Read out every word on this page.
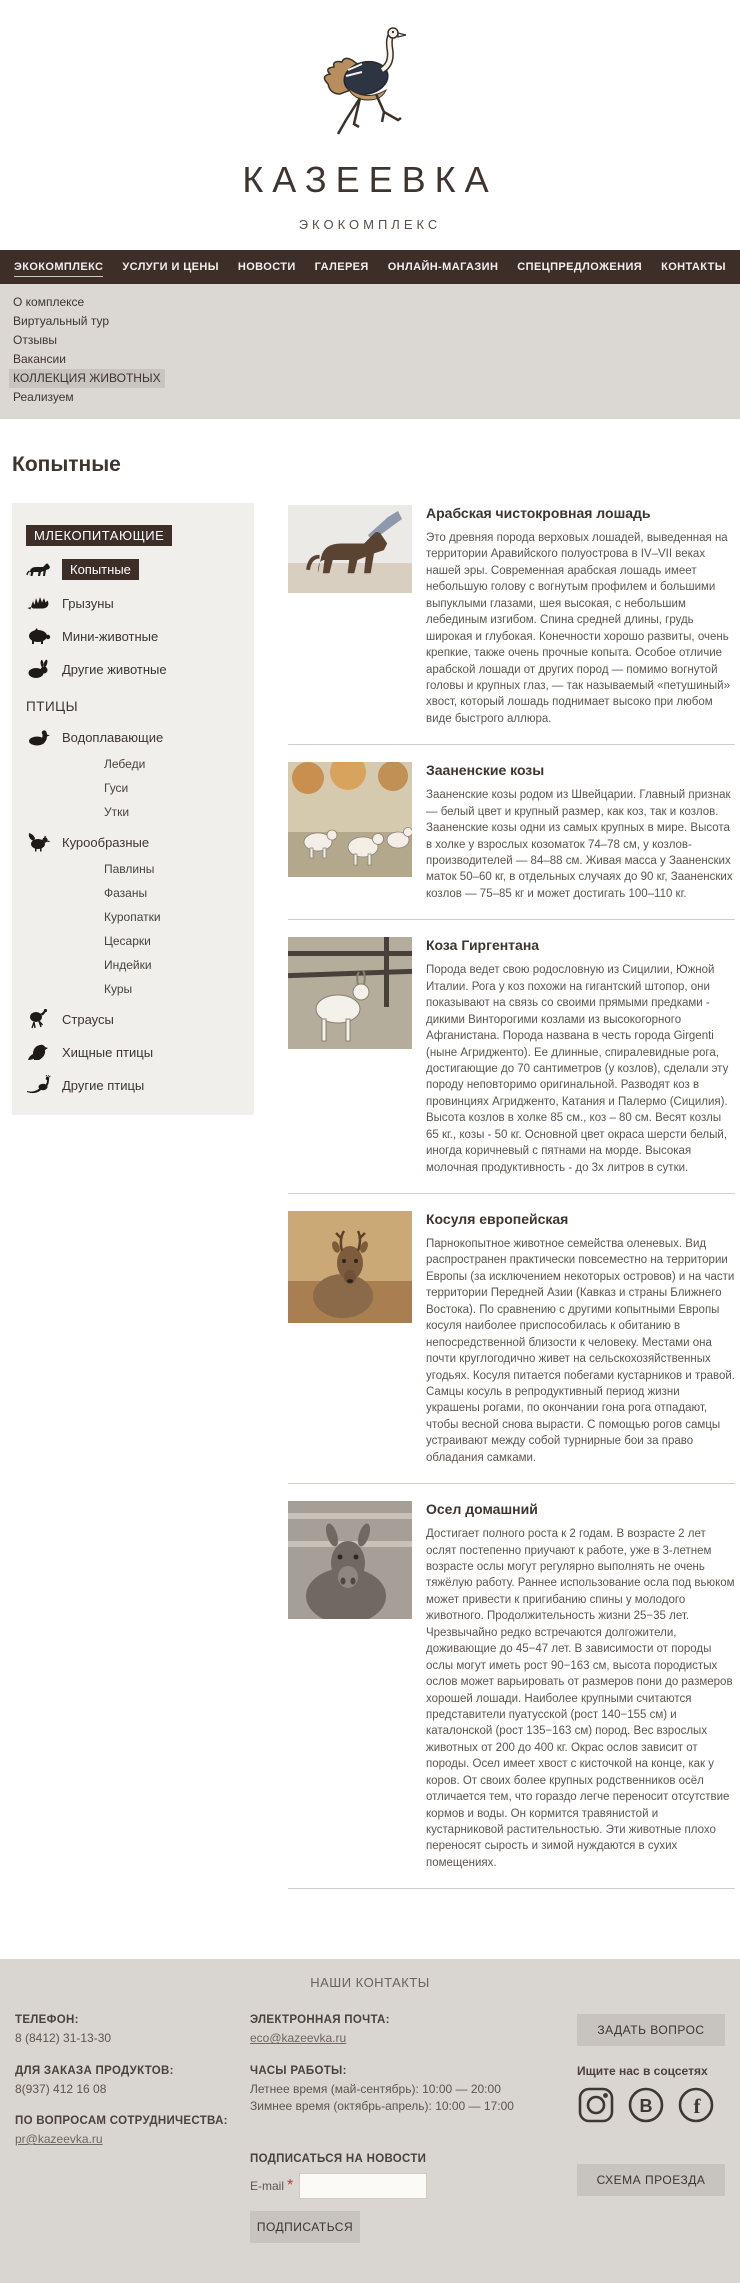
КАЗЕЕВКА
ЭКОКОМПЛЕКС
ЭКОКОМПЛЕКС УСЛУГИ И ЦЕНЫ НОВОСТИ ГАЛЕРЕЯ ОНЛАЙН-МАГАЗИН СПЕЦПРЕДЛОЖЕНИЯ КОНТАКТЫ
О комплексе
Виртуальный тур
Отзывы
Вакансии
КОЛЛЕКЦИЯ ЖИВОТНЫХ
Реализуем
Копытные
МЛЕКОПИТАЮЩИЕ
Копытные
Грызуны
Мини-животные
Другие животные
ПТИЦЫ
Водоплавающие
Лебеди
Гуси
Утки
Курообразные
Павлины
Фазаны
Куропатки
Цесарки
Индейки
Куры
Страусы
Хищные птицы
Другие птицы
Арабская чистокровная лошадь
Это древняя порода верховых лошадей, выведенная на территории Аравийского полуострова в IV–VII веках нашей эры. Современная арабская лошадь имеет небольшую голову с вогнутым профилем и большими выпуклыми глазами, шея высокая, с небольшим лебединым изгибом. Спина средней длины, грудь широкая и глубокая. Конечности хорошо развиты, очень крепкие, также очень прочные копыта. Особое отличие арабской лошади от других пород — помимо вогнутой головы и крупных глаз, — так называемый «петушиный» хвост, который лошадь поднимает высоко при любом виде быстрого аллюра.
Зааненские козы
Зааненские козы родом из Швейцарии. Главный признак — белый цвет и крупный размер, как коз, так и козлов. Зааненские козы одни из самых крупных в мире. Высота в холке у взрослых козоматок 74–78 см, у козлов-производителей — 84–88 см. Живая масса у Зааненских маток 50–60 кг, в отдельных случаях до 90 кг, Зааненских козлов — 75–85 кг и может достигать 100–110 кг.
Коза Гиргентана
Порода ведет свою родословную из Сицилии, Южной Италии. Рога у коз похожи на гигантский штопор, они показывают на связь со своими прямыми предками - дикими Винторогими козлами из высокогорного Афганистана. Порода названа в честь города Girgenti (ныне Агридженто). Ее длинные, спиралевидные рога, достигающие до 70 сантиметров (у козлов), сделали эту породу неповторимо оригинальной. Разводят коз в провинциях Агридженто, Катания и Палермо (Сицилия). Высота козлов в холке 85 см., коз – 80 см. Весят козлы 65 кг., козы - 50 кг. Основной цвет окраса шерсти белый, иногда коричневый с пятнами на морде. Высокая молочная продуктивность - до 3х литров в сутки.
Косуля европейская
Парнокопытное животное семейства оленевых. Вид распространен практически повсеместно на территории Европы (за исключением некоторых островов) и на части территории Передней Азии (Кавказ и страны Ближнего Востока). По сравнению с другими копытными Европы косуля наиболее приспособилась к обитанию в непосредственной близости к человеку. Местами она почти круглогодично живет на сельскохозяйственных угодьях. Косуля питается побегами кустарников и травой. Самцы косуль в репродуктивный период жизни украшены рогами, по окончании гона рога отпадают, чтобы весной снова вырасти. С помощью рогов самцы устраивают между собой турнирные бои за право обладания самками.
Осел домашний
Достигает полного роста к 2 годам. В возрасте 2 лет ослят постепенно приучают к работе, уже в 3-летнем возрасте ослы могут регулярно выполнять не очень тяжёлую работу. Раннее использование осла под вьюком может привести к пригибанию спины у молодого животного. Продолжительность жизни 25−35 лет. Чрезвычайно редко встречаются долгожители, доживающие до 45−47 лет. В зависимости от породы ослы могут иметь рост 90−163 см, высота породистых ослов может варьировать от размеров пони до размеров хорошей лошади. Наиболее крупными считаются представители пуатусской (рост 140−155 см) и каталонской (рост 135−163 см) пород. Вес взрослых животных от 200 до 400 кг. Окрас ослов зависит от породы. Осел имеет хвост с кисточкой на конце, как у коров. От своих более крупных родственников осёл отличается тем, что гораздо легче переносит отсутствие кормов и воды. Он кормится травянистой и кустарниковой растительностью. Эти животные плохо переносят сырость и зимой нуждаются в сухих помещениях.
НАШИ КОНТАКТЫ
ТЕЛЕФОН:
8 (8412) 31-13-30
ДЛЯ ЗАКАЗА ПРОДУКТОВ:
8(937) 412 16 08
ПО ВОПРОСАМ СОТРУДНИЧЕСТВА:
pr@kazeevka.ru
ЭЛЕКТРОННАЯ ПОЧТА:
eco@kazeevka.ru
ЧАСЫ РАБОТЫ:
Летнее время (май-сентябрь): 10:00 — 20:00
Зимнее время (октябрь-апрель): 10:00 — 17:00
ПОДПИСАТЬСЯ НА НОВОСТИ
E-mail *
ПОДПИСАТЬСЯ
ЗАДАТЬ ВОПРОС
Ищите нас в соцсетях
В f
СХЕМА ПРОЕЗДА
